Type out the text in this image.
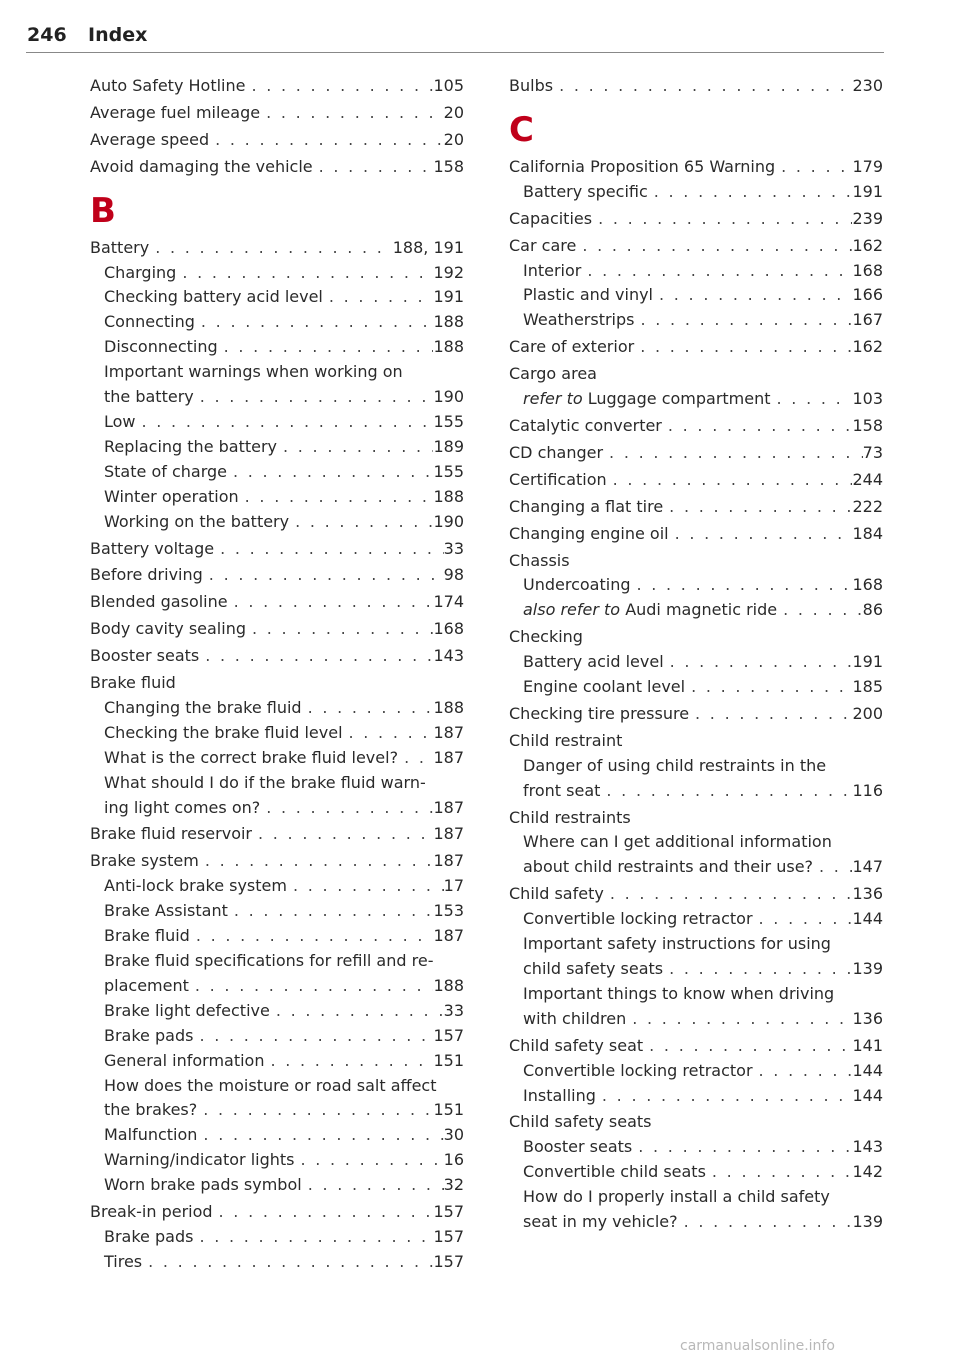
246 Index
Auto Safety Hotline . . .	105
Average fuel mileage . . .	20
Average speed . . .	20
Avoid damaging the vehicle . . .	158
B
Battery . . .	188, 191
Charging . . .	192
Checking battery acid level . . .	191
Connecting . . .	188
Disconnecting . . .	188
Important warnings when working on
the battery . . .	190
Low . . .	155
Replacing the battery . . .	189
State of charge . . .	155
Winter operation . . .	188
Working on the battery . . .	190
Battery voltage . . .	33
Before driving . . .	98
Blended gasoline . . .	174
Body cavity sealing . . .	168
Booster seats . . .	143
Brake fluid
Changing the brake fluid . . .	188
Checking the brake fluid level . . .	187
What is the correct brake fluid level? . . . 187
What should I do if the brake fluid warn-
ing light comes on? . . .	187
Brake fluid reservoir . . .	187
Brake system . . .	187
Anti-lock brake system . . .	17
Brake Assistant . . .	153
Brake fluid . . .	187
Brake fluid specifications for refill and re-
placement . . .	188
Brake light defective . . .	33
Brake pads . . .	157
General information . . .	151
How does the moisture or road salt affect
the brakes? . . .	151
Malfunction . . .	30
Warning/indicator lights . . .	16
Worn brake pads symbol . . .	32
Break-in period . . .	157
Brake pads . . .	157
Tires . . .	157
Bulbs . . .	230
C
California Proposition 65 Warning . . .	179
Battery specific . . .	191
Capacities . . .	239
Car care . . .	162
Interior . . .	168
Plastic and vinyl . . .	166
Weatherstrips . . .	167
Care of exterior . . .	162
Cargo area
refer to Luggage compartment . . .	103
Catalytic converter . . .	158
CD changer . . .	73
Certification . . .	244
Changing a flat tire . . .	222
Changing engine oil . . .	184
Chassis
Undercoating . . .	168
also refer to Audi magnetic ride . . .	86
Checking
Battery acid level . . .	191
Engine coolant level . . .	185
Checking tire pressure . . .	200
Child restraint
Danger of using child restraints in the
front seat . . .	116
Child restraints
Where can I get additional information
about child restraints and their use? . . . 147
Child safety . . .	136
Convertible locking retractor . . .	144
Important safety instructions for using
child safety seats . . .	139
Important things to know when driving
with children . . .	136
Child safety seat . . .	141
Convertible locking retractor . . .	144
Installing . . .	144
Child safety seats
Booster seats . . .	143
Convertible child seats . . .	142
How do I properly install a child safety
seat in my vehicle? . . .	139
carmanualsonline.info
